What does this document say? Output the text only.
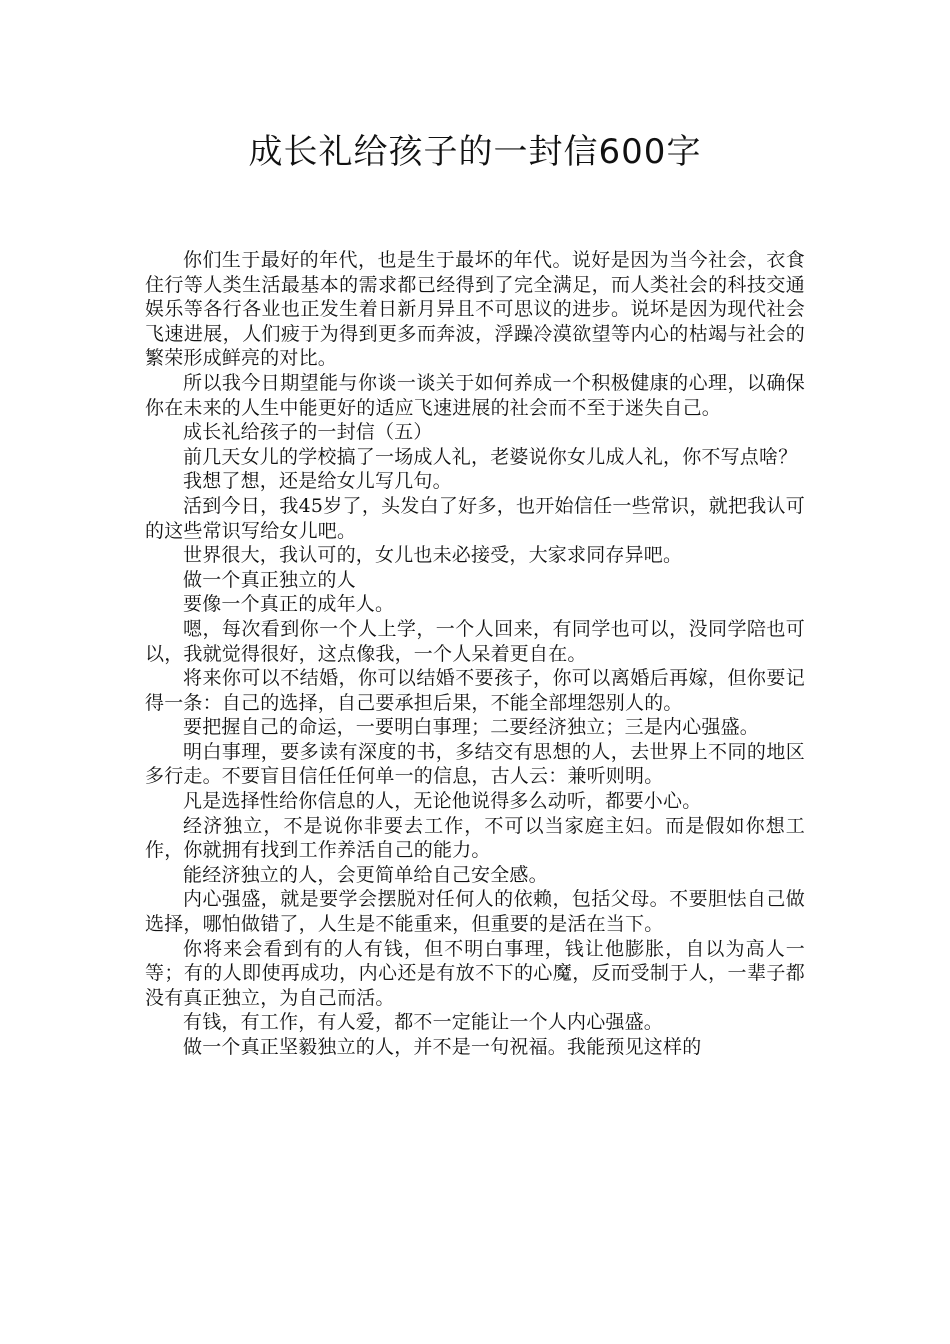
成长礼给孩子的一封信600字

你们生于最好的年代，也是生于最坏的年代。说好是因为当今社会，衣食住行等人类生活最基本的需求都已经得到了完全满足，而人类社会的科技交通娱乐等各行各业也正发生着日新月异且不可思议的进步。说坏是因为现代社会飞速进展，人们疲于为得到更多而奔波，浮躁冷漠欲望等内心的枯竭与社会的繁荣形成鲜亮的对比。

所以我今日期望能与你谈一谈关于如何养成一个积极健康的心理，以确保你在未来的人生中能更好的适应飞速进展的社会而不至于迷失自己。

成长礼给孩子的一封信（五）

前几天女儿的学校搞了一场成人礼，老婆说你女儿成人礼，你不写点啥？

我想了想，还是给女儿写几句。

活到今日，我45岁了，头发白了好多，也开始信任一些常识，就把我认可的这些常识写给女儿吧。

世界很大，我认可的，女儿也未必接受，大家求同存异吧。

做一个真正独立的人

要像一个真正的成年人。

嗯，每次看到你一个人上学，一个人回来，有同学也可以，没同学陪也可以，我就觉得很好，这点像我，一个人呆着更自在。

将来你可以不结婚，你可以结婚不要孩子，你可以离婚后再嫁，但你要记得一条：自己的选择，自己要承担后果，不能全部埋怨别人的。

要把握自己的命运，一要明白事理；二要经济独立；三是内心强盛。

明白事理，要多读有深度的书，多结交有思想的人，去世界上不同的地区多行走。不要盲目信任任何单一的信息，古人云：兼听则明。

凡是选择性给你信息的人，无论他说得多么动听，都要小心。

经济独立，不是说你非要去工作，不可以当家庭主妇。而是假如你想工作，你就拥有找到工作养活自己的能力。

能经济独立的人，会更简单给自己安全感。

内心强盛，就是要学会摆脱对任何人的依赖，包括父母。不要胆怯自己做选择，哪怕做错了，人生是不能重来，但重要的是活在当下。

你将来会看到有的人有钱，但不明白事理，钱让他膨胀，自以为高人一等；有的人即使再成功，内心还是有放不下的心魔，反而受制于人，一辈子都没有真正独立，为自己而活。

有钱，有工作，有人爱，都不一定能让一个人内心强盛。

做一个真正坚毅独立的人，并不是一句祝福。我能预见这样的
